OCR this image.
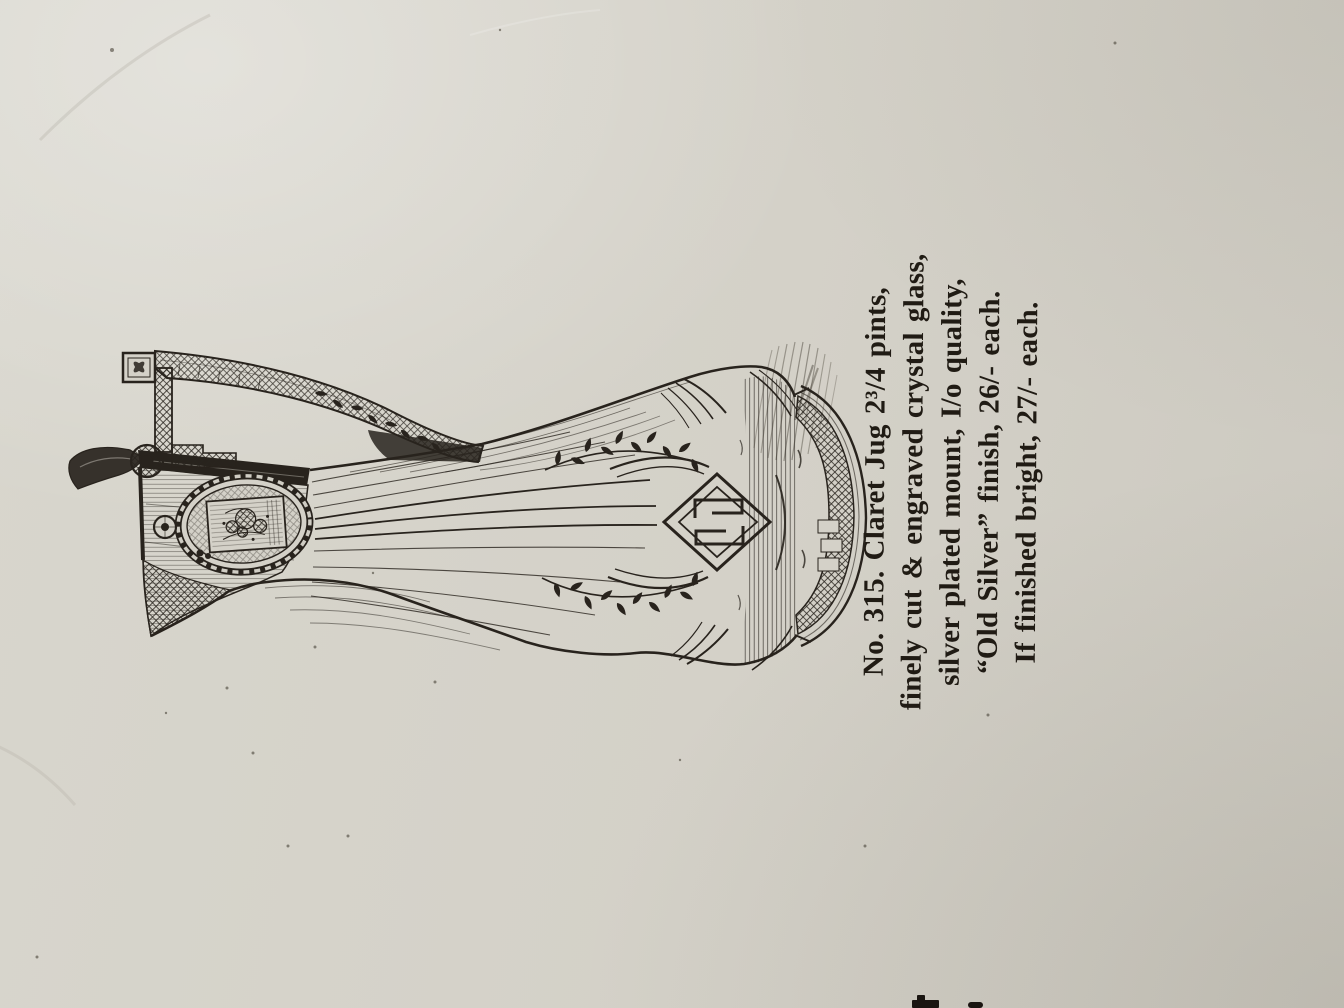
No. 315. Claret Jug 2³/4 pints, finely cut & engraved crystal glass, silver plated mount, I/o quality, “Old Silver” finish, 26/- each. If finished bright, 27/- each.
